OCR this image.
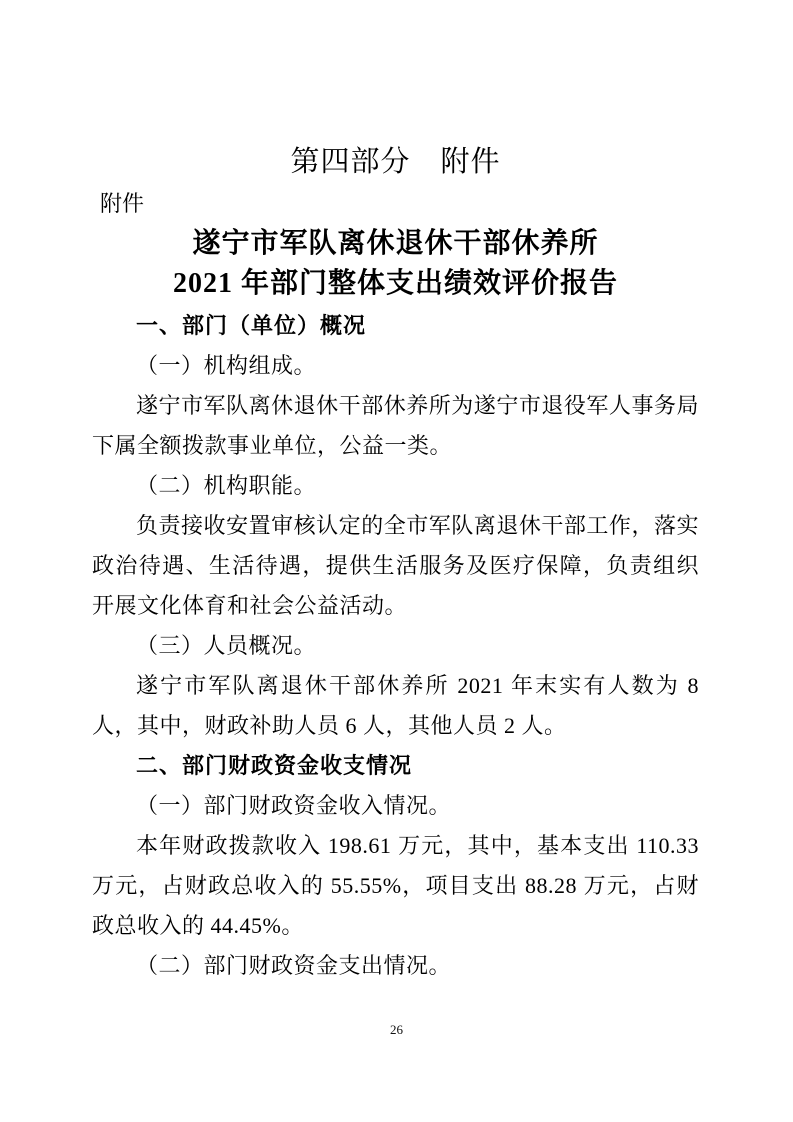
第四部分　附件
附件
遂宁市军队离休退休干部休养所
2021 年部门整体支出绩效评价报告

一、部门（单位）概况

（一）机构组成。

遂宁市军队离休退休干部休养所为遂宁市退役军人事务局下属全额拨款事业单位，公益一类。

（二）机构职能。

负责接收安置审核认定的全市军队离退休干部工作，落实政治待遇、生活待遇，提供生活服务及医疗保障，负责组织开展文化体育和社会公益活动。

（三）人员概况。

遂宁市军队离退休干部休养所 2021 年末实有人数为 8 人，其中，财政补助人员 6 人，其他人员 2 人。

二、部门财政资金收支情况

（一）部门财政资金收入情况。

本年财政拨款收入 198.61 万元，其中，基本支出 110.33 万元，占财政总收入的 55.55%，项目支出 88.28 万元，占财政总收入的 44.45%。

（二）部门财政资金支出情况。

26
